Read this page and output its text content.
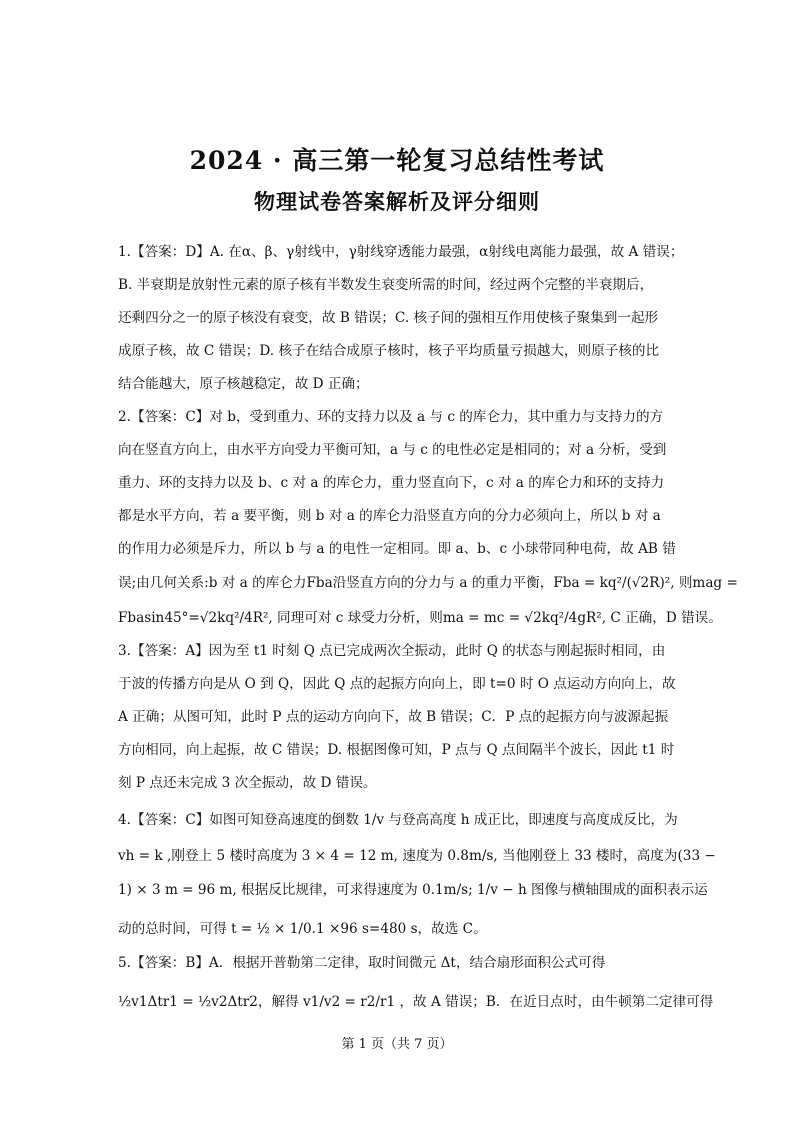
2024 · 高三第一轮复习总结性考试
物理试卷答案解析及评分细则
1.【答案：D】A. 在α、β、γ射线中，γ射线穿透能力最强，α射线电离能力最强，故 A 错误；
B. 半衰期是放射性元素的原子核有半数发生衰变所需的时间，经过两个完整的半衰期后，
还剩四分之一的原子核没有衰变，故 B 错误；C. 核子间的强相互作用使核子聚集到一起形
成原子核，故 C 错误；D. 核子在结合成原子核时，核子平均质量亏损越大，则原子核的比
结合能越大，原子核越稳定，故 D 正确；
2.【答案：C】对 b，受到重力、环的支持力以及 a 与 c 的库仑力，其中重力与支持力的方
向在竖直方向上，由水平方向受力平衡可知，a 与 c 的电性必定是相同的；对 a 分析，受到
重力、环的支持力以及 b、c 对 a 的库仑力，重力竖直向下，c 对 a 的库仑力和环的支持力
都是水平方向，若 a 要平衡，则 b 对 a 的库仑力沿竖直方向的分力必须向上，所以 b 对 a
的作用力必须是斥力，所以 b 与 a 的电性一定相同。即 a、b、c 小球带同种电荷，故 AB 错
误;由几何关系:b 对 a 的库仑力Fba沿竖直方向的分力与 a 的重力平衡，Fba = kq²/(√2R)², 则mag =
Fbasin45°=√2kq²/4R², 同理可对 c 球受力分析，则ma = mc = √2kq²/4gR², C 正确，D 错误。
3.【答案：A】因为至 t1 时刻 Q 点已完成两次全振动，此时 Q 的状态与刚起振时相同，由
于波的传播方向是从 O 到 Q，因此 Q 点的起振方向向上，即 t=0 时 O 点运动方向向上，故
A 正确；从图可知，此时 P 点的运动方向向下，故 B 错误；C．P 点的起振方向与波源起振
方向相同，向上起振，故 C 错误；D. 根据图像可知，P 点与 Q 点间隔半个波长，因此 t1 时
刻 P 点还未完成 3 次全振动，故 D 错误。
4.【答案：C】如图可知登高速度的倒数 1/v 与登高高度 h 成正比，即速度与高度成反比，为
vh = k ,刚登上 5 楼时高度为 3 × 4 = 12 m, 速度为 0.8m/s, 当他刚登上 33 楼时，高度为(33 −
1) × 3 m = 96 m, 根据反比规律，可求得速度为 0.1m/s; 1/v − h 图像与横轴围成的面积表示运
动的总时间，可得 t = ½ × 1/0.1 ×96 s=480 s，故选 C。
5.【答案：B】A．根据开普勒第二定律，取时间微元 Δt，结合扇形面积公式可得
½v1Δtr1 = ½v2Δtr2，解得 v1/v2 = r2/r1 ，故 A 错误；B．在近日点时，由牛顿第二定律可得
第 1 页（共 7 页）
